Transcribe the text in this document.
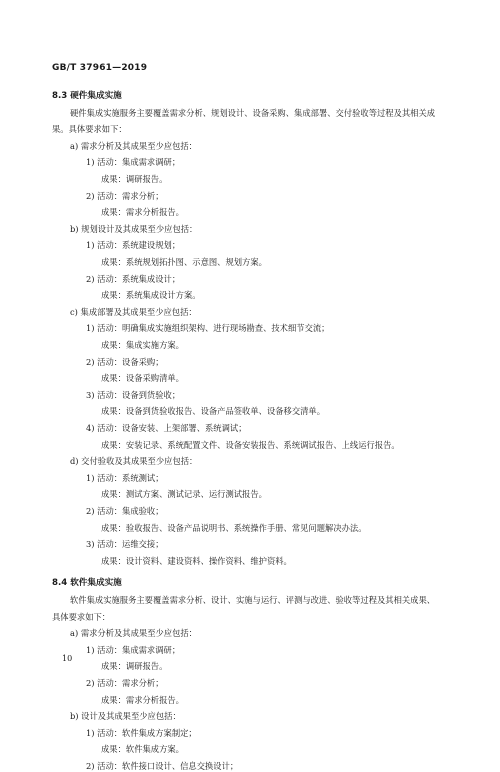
GB/T 37961—2019
8.3 硬件集成实施
硬件集成实施服务主要覆盖需求分析、规划设计、设备采购、集成部署、交付验收等过程及其相关成
果。具体要求如下：
a) 需求分析及其成果至少应包括：
1) 活动：集成需求调研；
成果：调研报告。
2) 活动：需求分析；
成果：需求分析报告。
b) 规划设计及其成果至少应包括：
1) 活动：系统建设规划；
成果：系统规划拓扑图、示意图、规划方案。
2) 活动：系统集成设计；
成果：系统集成设计方案。
c) 集成部署及其成果至少应包括：
1) 活动：明确集成实施组织架构、进行现场勘查、技术细节交流；
成果：集成实施方案。
2) 活动：设备采购；
成果：设备采购清单。
3) 活动：设备到货验收；
成果：设备到货验收报告、设备产品签收单、设备移交清单。
4) 活动：设备安装、上架部署、系统调试；
成果：安装记录、系统配置文件、设备安装报告、系统调试报告、上线运行报告。
d) 交付验收及其成果至少应包括：
1) 活动：系统测试；
成果：测试方案、测试记录、运行测试报告。
2) 活动：集成验收；
成果：验收报告、设备产品说明书、系统操作手册、常见问题解决办法。
3) 活动：运维交接；
成果：设计资料、建设资料、操作资料、维护资料。
8.4 软件集成实施
软件集成实施服务主要覆盖需求分析、设计、实施与运行、评测与改进、验收等过程及其相关成果、
具体要求如下：
a) 需求分析及其成果至少应包括：
1) 活动：集成需求调研；
成果：调研报告。
2) 活动：需求分析；
成果：需求分析报告。
b) 设计及其成果至少应包括：
1) 活动：软件集成方案制定；
成果：软件集成方案。
2) 活动：软件接口设计、信息交换设计；
10
